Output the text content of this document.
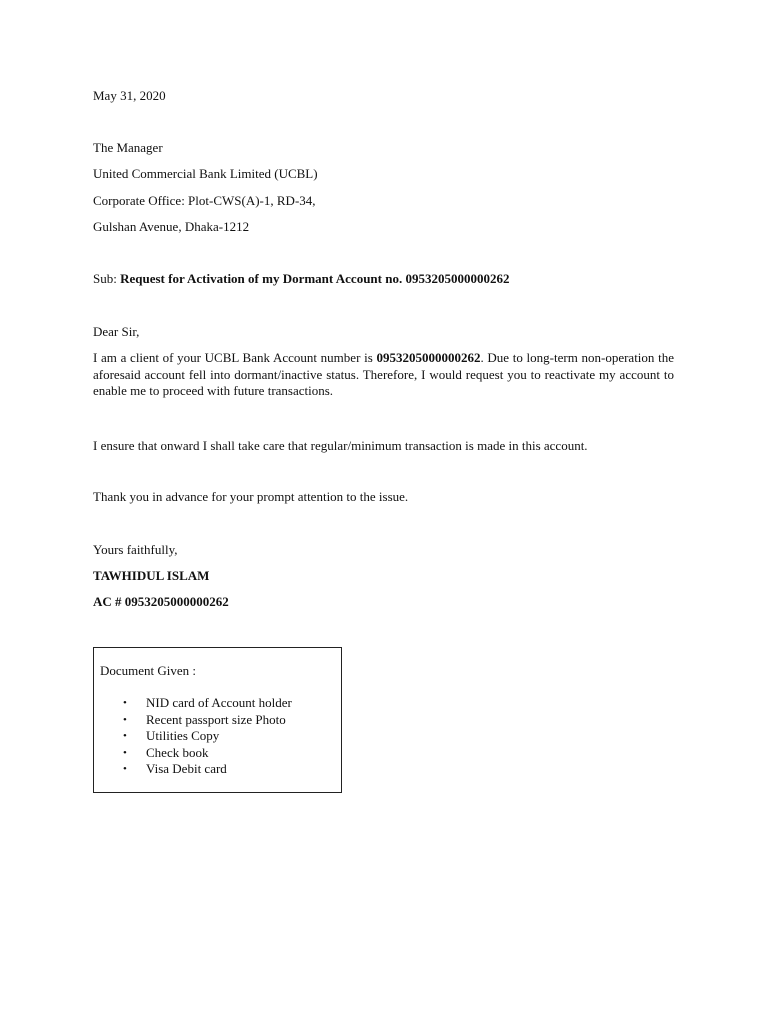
May 31, 2020
The Manager
United Commercial Bank Limited (UCBL)
Corporate Office: Plot-CWS(A)-1, RD-34,
Gulshan Avenue, Dhaka-1212
Sub: Request for Activation of my Dormant Account no. 0953205000000262
Dear Sir,
I am a client of your UCBL Bank Account number is 0953205000000262. Due to long-term non-operation the aforesaid account fell into dormant/inactive status. Therefore, I would request you to reactivate my account to enable me to proceed with future transactions.
I ensure that onward I shall take care that regular/minimum transaction is made in this account.
Thank you in advance for your prompt attention to the issue.
Yours faithfully,
TAWHIDUL ISLAM
AC # 0953205000000262
Document Given :
• NID card of Account holder
• Recent passport size Photo
• Utilities Copy
• Check book
• Visa Debit card
